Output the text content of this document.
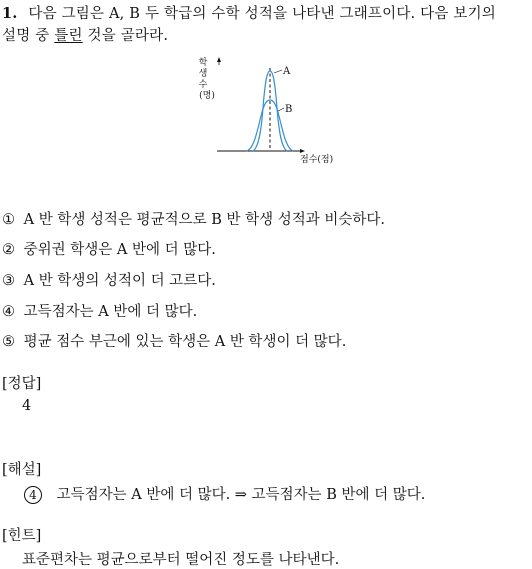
1. 다음 그림은 A, B 두 학급의 수학 성적을 나타낸 그래프이다. 다음 보기의
설명 중 틀린 것을 골라라.
학
생
수
(명)
A
B
점수(점)
① A 반 학생 성적은 평균적으로 B 반 학생 성적과 비슷하다.
② 중위권 학생은 A 반에 더 많다.
③ A 반 학생의 성적이 더 고르다.
④ 고득점자는 A 반에 더 많다.
⑤ 평균 점수 부근에 있는 학생은 A 반 학생이 더 많다.
[정답]
4
[해설]
4 고득점자는 A 반에 더 많다. ⇒ 고득점자는 B 반에 더 많다.
[힌트]
표준편차는 평균으로부터 떨어진 정도를 나타낸다.
